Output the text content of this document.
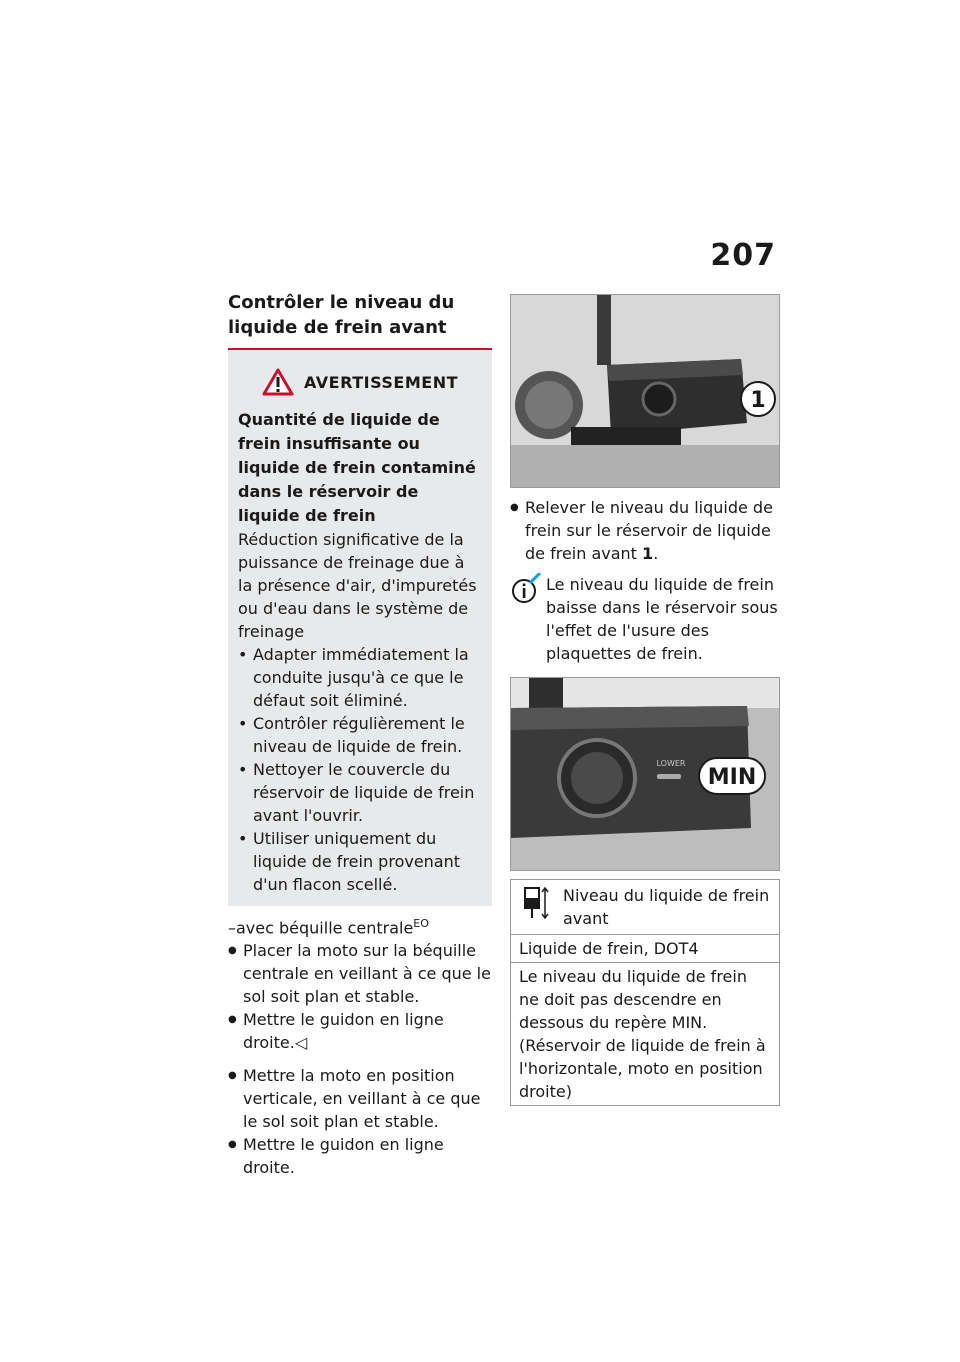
207
Contrôler le niveau du liquide de frein avant
AVERTISSEMENT
Quantité de liquide de frein insuffisante ou liquide de frein contaminé dans le réservoir de liquide de frein
Réduction significative de la puissance de freinage due à la présence d'air, d'impuretés ou d'eau dans le système de freinage
• Adapter immédiatement la conduite jusqu'à ce que le défaut soit éliminé.
• Contrôler régulièrement le niveau de liquide de frein.
• Nettoyer le couvercle du réservoir de liquide de frein avant l'ouvrir.
• Utiliser uniquement du liquide de frein provenant d'un flacon scellé.
–avec béquille centrale$^{EO}$
● Placer la moto sur la béquille centrale en veillant à ce que le sol soit plan et stable.
● Mettre le guidon en ligne droite.◁
● Mettre la moto en position verticale, en veillant à ce que le sol soit plan et stable.
● Mettre le guidon en ligne droite.
1
● Relever le niveau du liquide de frein sur le réservoir de liquide de frein avant 1.
Le niveau du liquide de frein baisse dans le réservoir sous l'effet de l'usure des plaquettes de frein.
LOWER
MIN
Niveau du liquide de frein avant
Liquide de frein, DOT4
Le niveau du liquide de frein ne doit pas descendre en dessous du repère MIN. (Réservoir de liquide de frein à l'horizontale, moto en position droite)
